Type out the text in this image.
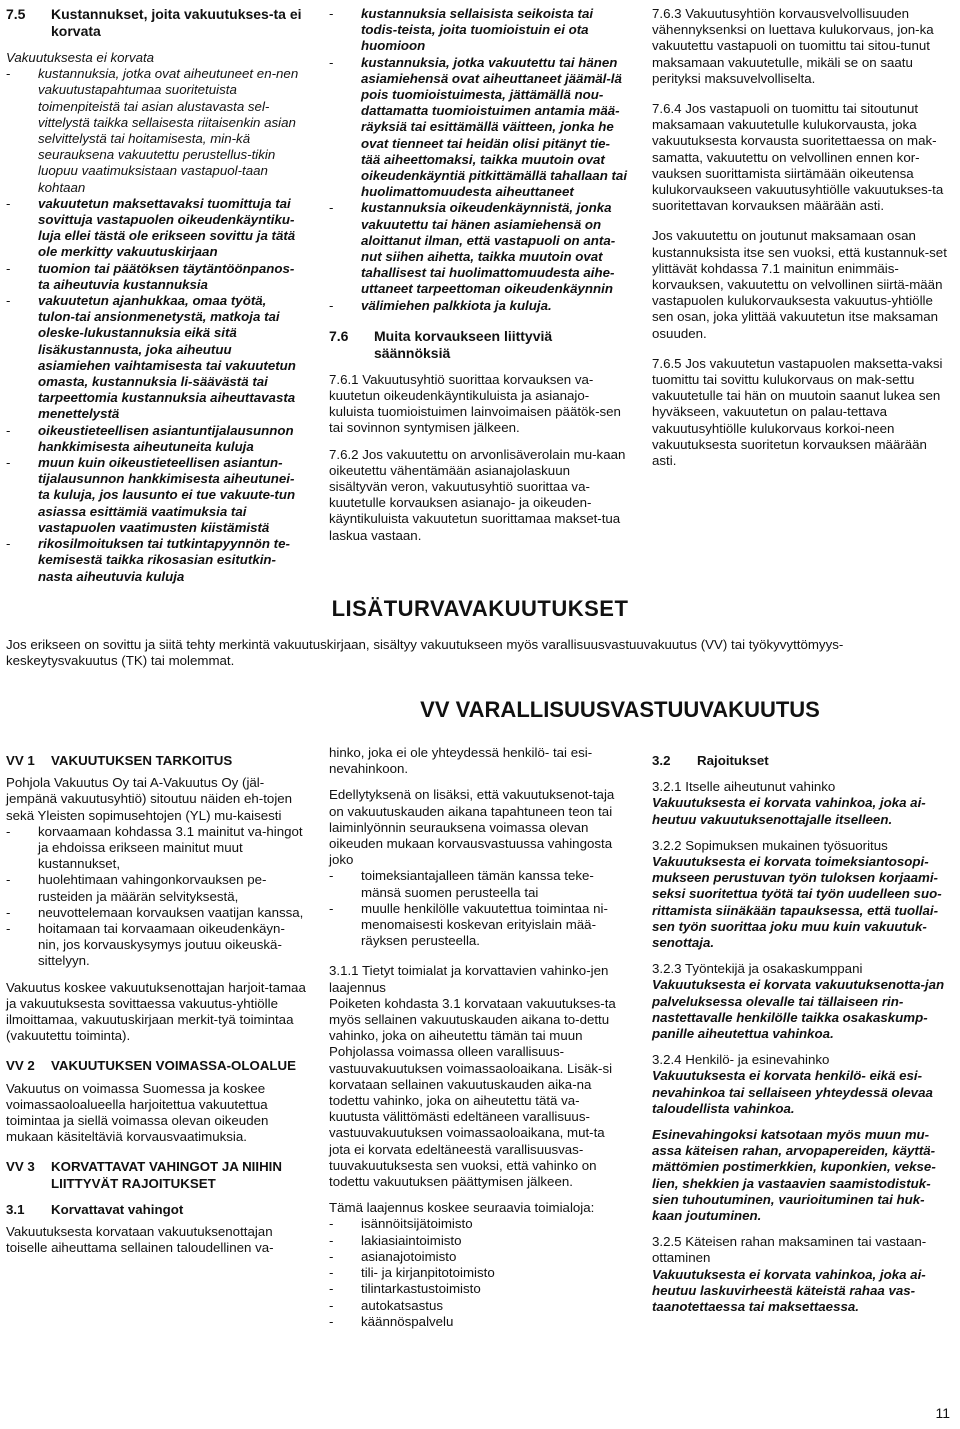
7.5 Kustannukset, joita vakuutukses-ta ei korvata

Vakuutuksesta ei korvata

- kustannuksia, jotka ovat aiheutuneet en-nen vakuutustapahtumaa suoritetuista toimenpiteistä tai asian alustavasta sel-vittelystä taikka sellaisesta riitaisenkin asian selvittelystä tai hoitamisesta, min-kä seurauksena vakuutettu perustellus-tikin luopuu vaatimuksistaan vastapuol-taan kohtaan

- vakuutetun maksettavaksi tuomittuja tai sovittuja vastapuolen oikeudenkäyntiku-luja ellei tästä ole erikseen sovittu ja tätä ole merkitty vakuutuskirjaan

- tuomion tai päätöksen täytäntöönpanos-ta aiheutuvia kustannuksia

- vakuutetun ajanhukkaa, omaa työtä, tulon-tai ansionmenetystä, matkoja tai oleske-lukustannuksia eikä sitä lisäkustannusta, joka aiheutuu asiamiehen vaihtamisesta tai vakuutetun omasta, kustannuksia li-säävästä tai tarpeettomia kustannuksia aiheuttavasta menettelystä

- oikeustieteellisen asiantuntijalausunnon hankkimisesta aiheutuneita kuluja

- muun kuin oikeustieteellisen asiantun-tijalausunnon hankkimisesta aiheutunei-ta kuluja, jos lausunto ei tue vakuute-tun asiassa esittämiä vaatimuksia tai vastapuolen vaatimusten kiistämistä

- rikosilmoituksen tai tutkintapyynnön te-kemisestä taikka rikosasian esitutkin-nasta aiheutuvia kuluja

- kustannuksia sellaisista seikoista tai todis-teista, joita tuomioistuin ei ota huomioon

- kustannuksia, jotka vakuutettu tai hänen asiamiehensä ovat aiheuttaneet jäämäl-lä pois tuomioistuimesta, jättämällä nou-dattamatta tuomioistuimen antamia mää-räyksiä tai esittämällä väitteen, jonka he ovat tienneet tai heidän olisi pitänyt tie-tää aiheettomaksi, taikka muutoin ovat oikeudenkäyntiä pitkittämällä tahallaan tai huolimattomuudesta aiheuttaneet

- kustannuksia oikeudenkäynnistä, jonka vakuutettu tai hänen asiamiehensä on aloittanut ilman, että vastapuoli on anta-nut siihen aihetta, taikka muutoin ovat tahallisest tai huolimattomuudesta aihe-uttaneet tarpeettoman oikeudenkäynnin

- välimiehen palkkiota ja kuluja.

7.6 Muita korvaukseen liittyviä säännöksiä

7.6.1 Vakuutusyhtiö suorittaa korvauksen va-kuutetun oikeudenkäyntikuluista ja asianajo-kuluista tuomioistuimen lainvoimaisen päätök-sen tai sovinnon syntymisen jälkeen.

7.6.2 Jos vakuutettu on arvonlisäverolain mu-kaan oikeutettu vähentämään asianajolaskuun sisältyvän veron, vakuutusyhtiö suorittaa va-kuutetulle korvauksen asianajo- ja oikeuden-käyntikuluista vakuutetun suorittamaa makset-tua laskua vastaan.

7.6.3 Vakuutusyhtiön korvausvelvollisuuden vähennyksenksi on luettava kulukorvaus, jon-ka vakuutettu vastapuoli on tuomittu tai sitou-tunut maksamaan vakuutetulle, mikäli se on saatu perityksi maksuvelvolliselta.

7.6.4 Jos vastapuoli on tuomittu tai sitoutunut maksamaan vakuutetulle kulukorvausta, joka vakuutuksesta korvausta suoritettaessa on mak-samatta, vakuutettu on velvollinen ennen kor-vauksen suorittamista siirtämään oikeutensa kulukorvaukseen vakuutusyhtiölle vakuutukses-ta suoritettavan korvauksen määrään asti.

Jos vakuutettu on joutunut maksamaan osan kustannuksista itse sen vuoksi, että kustannuk-set ylittävät kohdassa 7.1 mainitun enimmäis-korvauksen, vakuutettu on velvollinen siirtä-mään vastapuolen kulukorvauksesta vakuutus-yhtiölle sen osan, joka ylittää vakuutetun itse maksaman osuuden.

7.6.5 Jos vakuutetun vastapuolen maksetta-vaksi tuomittu tai sovittu kulukorvaus on mak-settu vakuutetulle tai hän on muutoin saanut lukea sen hyväkseen, vakuutetun on palau-tettava vakuutusyhtiölle kulukorvaus korkoi-neen vakuutuksesta suoritetun korvauksen määrään asti.

LISÄTURVAVAKUUTUKSET
Jos erikseen on sovittu ja siitä tehty merkintä vakuutuskirjaan, sisältyy vakuutukseen myös varallisuusvastuuvakuutus (VV) tai työkyvyttömyys-keskeytysvakuutus (TK) tai molemmat.
VV VARALLISUUSVASTUUVAKUUTUS

VV 1 VAKUUTUKSEN TARKOITUS

Pohjola Vakuutus Oy tai A-Vakuutus Oy (jäl-jempänä vakuutusyhtiö) sitoutuu näiden eh-tojen sekä Yleisten sopimusehtojen (YL) mu-kaisesti

- korvaamaan kohdassa 3.1 mainitut va-hingot ja ehdoissa erikseen mainitut muut kustannukset,

- huolehtimaan vahingonkorvauksen pe-rusteiden ja määrän selvityksestä,

- neuvottelemaan korvauksen vaatijan kanssa,

- hoitamaan tai korvaamaan oikeudenkäyn-nin, jos korvauskysymys joutuu oikeuskä-sittelyyn.

Vakuutus koskee vakuutuksenottajan harjoit-tamaa ja vakuutuksesta sovittaessa vakuutus-yhtiölle ilmoittamaa, vakuutuskirjaan merkit-tyä toimintaa (vakuutettu toiminta).

VV 2 VAKUUTUKSEN VOIMASSA-OLOALUE

Vakuutus on voimassa Suomessa ja koskee voimassaoloalueella harjoitettua vakuutettua toimintaa ja siellä voimassa olevan oikeuden mukaan käsiteltäviä korvausvaatimuksia.

VV 3 KORVATTAVAT VAHINGOT JA NIIHIN LIITTYVÄT RAJOITUKSET

3.1 Korvattavat vahingot

Vakuutuksesta korvataan vakuutuksenottajan toiselle aiheuttama sellainen taloudellinen va-

hinko, joka ei ole yhteydessä henkilö- tai esi-nevahinkoon.

Edellytyksenä on lisäksi, että vakuutuksenot-taja on vakuutuskauden aikana tapahtuneen teon tai laiminlyönnin seurauksena voimassa olevan oikeuden mukaan korvausvastuussa vahingosta joko

- toimeksiantajalleen tämän kanssa teke-mänsä suomen perusteella tai

- muulle henkilölle vakuutettua toimintaa ni-menomaisesti koskevan erityislain mää-räyksen perusteella.

3.1.1 Tietyt toimialat ja korvattavien vahinko-jen laajennus

Poiketen kohdasta 3.1 korvataan vakuutukses-ta myös sellainen vakuutuskauden aikana to-dettu vahinko, joka on aiheutettu tämän tai muun Pohjolassa voimassa olleen varallisuus-vastuuvakuutuksen voimassaoloaikana. Lisäk-si korvataan sellainen vakuutuskauden aika-na todettu vahinko, joka on aiheutettu tätä va-kuutusta välittömästi edeltäneen varallisuus-vastuuvakuutuksen voimassaoloaikana, mut-ta jota ei korvata edeltäneestä varallisuusvas-tuuvakuutuksesta sen vuoksi, että vahinko on todettu vakuutuksen päättymisen jälkeen.

Tämä laajennus koskee seuraavia toimialoja:

- isännöitsijätoimisto

- lakiasiaintoimisto

- asianajotoimisto

- tili- ja kirjanpitotoimisto

- tilintarkastustoimisto

- autokatsastus

- käännöspalvelu

3.2 Rajoitukset

3.2.1 Itselle aiheutunut vahinko

Vakuutuksesta ei korvata vahinkoa, joka ai-heutuu vakuutuksenottajalle itselleen.

3.2.2 Sopimuksen mukainen työsuoritus

Vakuutuksesta ei korvata toimeksiantosopi-mukseen perustuvan työn tuloksen korjaami-seksi suoritettua työtä tai työn uudelleen suo-rittamista siinäkään tapauksessa, että tuollai-sen työn suorittaa joku muu kuin vakuutuk-senottaja.

3.2.3 Työntekijä ja osakaskumppani

Vakuutuksesta ei korvata vakuutuksenotta-jan palveluksessa olevalle tai tällaiseen rin-nastettavalle henkilölle taikka osakaskump-panille aiheutettua vahinkoa.

3.2.4 Henkilö- ja esinevahinko

Vakuutuksesta ei korvata henkilö- eikä esi-nevahinkoa tai sellaiseen yhteydessä olevaa taloudellista vahinkoa.

Esinevahingoksi katsotaan myös muun mu-assa käteisen rahan, arvopapereiden, käyttä-mättömien postimerkkien, kuponkien, vekse-lien, shekkien ja vastaavien saamistodistuk-sien tuhoutuminen, vaurioituminen tai huk-kaan joutuminen.

3.2.5 Käteisen rahan maksaminen tai vastaan-ottaminen

Vakuutuksesta ei korvata vahinkoa, joka ai-heutuu laskuvirheestä käteistä rahaa vas-taanotettaessa tai maksettaessa.

11
